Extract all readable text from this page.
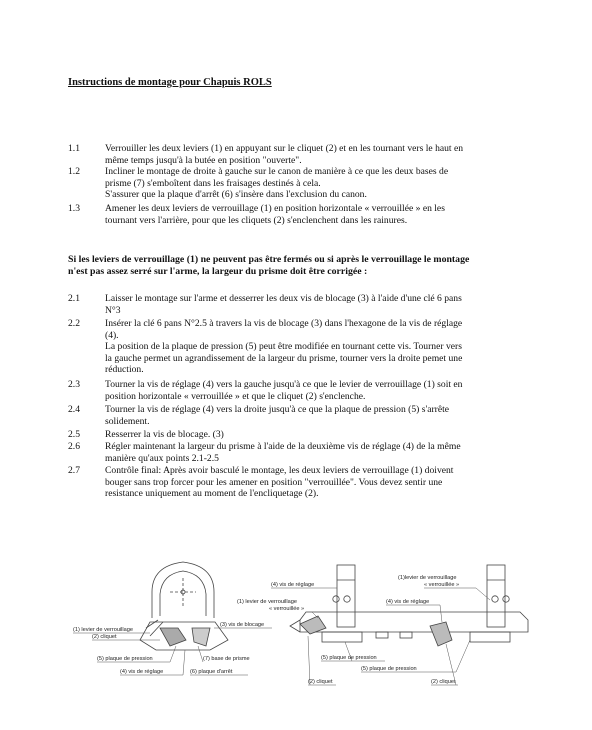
Instructions de montage pour Chapuis ROLS
1.1	Verrouiller les deux leviers (1) en appuyant sur le cliquet (2) et en les tournant vers le haut en
même temps jusqu'à la butée en position "ouverte".
1.2	Incliner le montage de droite à gauche sur le canon de manière à ce que les deux bases de
prisme (7) s'emboîtent dans les fraisages destinés à cela.
S'assurer que la plaque d'arrêt (6) s'insère dans l'exclusion du canon.
1.3	Amener les deux leviers de verrouillage (1) en position horizontale « verrouillée » en les
tournant vers l'arrière, pour que les cliquets (2) s'enclenchent dans les rainures.
Si les leviers de verrouillage (1) ne peuvent pas être fermés ou si après le verrouillage le montage
n'est pas assez serré sur l'arme, la largeur du prisme doit être corrigée :
2.1	Laisser le montage sur l'arme et desserrer les deux vis de blocage (3) à l'aide d'une clé 6 pans
N°3
2.2	Insérer la clé 6 pans N°2.5 à travers la vis de blocage (3) dans l'hexagone de la vis de réglage
(4).
La position de la plaque de pression (5) peut être modifiée en tournant cette vis. Tourner vers
la gauche permet un agrandissement de la largeur du prisme, tourner vers la droite pemet une
réduction.
2.3	Tourner la vis de réglage (4) vers la gauche jusqu'à ce que le levier de verrouillage (1) soit en
position horizontale « verrouillée » et que le cliquet (2) s'enclenche.
2.4	Tourner la vis de réglage (4) vers la droite jusqu'à ce que la plaque de pression (5) s'arrête
solidement.
2.5	Resserrer la vis de blocage. (3)
2.6	Régler maintenant la largeur du prisme à l'aide de la deuxième vis de réglage (4) de la même
manière qu'aux points 2.1-2.5
2.7	Contrôle final: Après avoir basculé le montage, les deux leviers de verrouillage (1) doivent
bouger sans trop forcer pour les amener en position "verrouillée". Vous devez sentir une
resistance uniquement au moment de l'encliquetage (2).
(1) levier de verrouillage
(2) cliquet
(3) vis de blocage
(5) plaque de pression	(7) base de prisme
(4) vis de réglage	(6) plaque d'arrêt
(4) vis de réglage
(1) levier de verrouillage
« verrouillée »
(1)levier de verrouillage
« verrouillée »
(4) vis de réglage
(5) plaque de pression
(5) plaque de pression
(2) cliquet	(2) cliquet
